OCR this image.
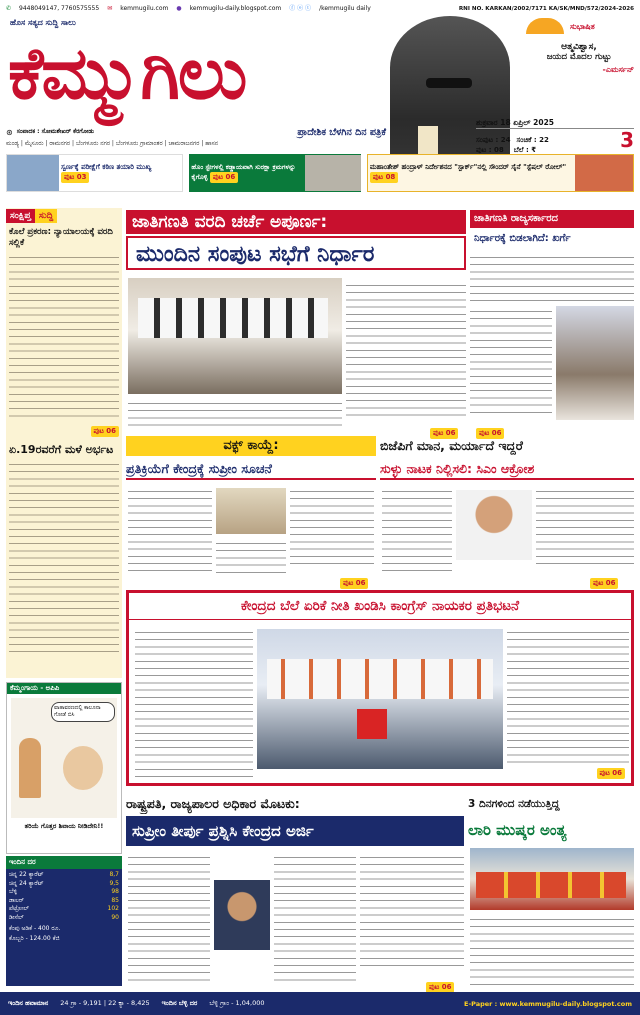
✆ 9448049147, 7760575555 ✉ kemmugilu.com ● kemmugilu-daily.blogspot.com ⓕ ⓞ ⓣ /kemmugilu daily	RNI NO. KARKAN/2002/7171 KA/SK/MND/572/2024-2026
ಹೊಸ ಸತ್ಯದ ಸುದ್ದಿ ಸಾಲು
ಕೆಮ್ಮುಗಿಲು
ಸುಭಾಷಿತ
ಆತ್ಮವಿಶ್ವಾಸ,
ಜಯದ ಮೊದಲ ಗುಟ್ಟು
-ಎಮರ್ಸನ್
⊛ ಸಂಪಾದಕ : ಸೋಮಶೇಖರ್ ಕೆರಗೋಡು	ಪ್ರಾದೇಶಿಕ ಬೆಳಗಿನ ದಿನ ಪತ್ರಿಕೆ
ಮಂಡ್ಯ | ಮೈಸೂರು | ರಾಮನಗರ | ಬೆಂಗಳೂರು ನಗರ | ಬೆಂಗಳೂರು ಗ್ರಾಮಾಂತರ | ಚಾಮರಾಜನಗರ | ಹಾಸನ
ಶುಕ್ರವಾರ 18 ಏಪ್ರಿಲ್ 2025
ಸಂಪುಟ : 24 ಸಂಚಿಕೆ : 22	3
ಪುಟ : 08 ಬೆಲೆ : ₹
ಸ್ವರ್ಣಕ್ಕೆ ಪರೀಕ್ಷೆಗೆ ಕಠಿಣ ತಯಾರಿ ಮುಖ್ಯ ಪುಟ 03
ಹೊಂ ಸ್ಟೇಗಳಲ್ಲಿ ಕಡ್ಡಾಯವಾಗಿ ಸುರಕ್ಷಾ ಕ್ರಮಗಳನ್ನು ಕೈಗೊಳ್ಳಿ ಪುಟ 06
ಮಹಾಂತೇಶ್ ಹಂದ್ರಾಳ್ ನಿರ್ದೇಶನದ "ಸ್ಪಾರ್ಕ್"ನಲ್ಲಿ ಸೌಂದರ್ ಸೈನೆ "ಸ್ಪೆಷಲ್ ರೋಲ್" ಪುಟ 08
ಸಂಕ್ಷಿಪ್ತ ಸುದ್ದಿ
ಕೊಲೆ ಪ್ರಕರಣ: ನ್ಯಾಯಾಲಯಕ್ಕೆ ವರದಿ ಸಲ್ಲಿಕೆ
ಪುಟ 06
ಏ.19ರವರೆಗೆ ಮಳೆ ಅರ್ಭಟ
ಕೆಮ್ಮಂಗಾಯ - ಅಪಿಪಿ
ವಾತಾವರಣದಲ್ಲಿ ಕಾಲೂನಾ ಗೋಡೆ ಬಿಸಿ
ತರಿಯೆ ಗೊತ್ತರ ಶಿವಾಯ ನೀಡಿದೇನಿ!!
ಇಂದಿನ ದರ
ಚಿನ್ನ 22 ಕ್ಯಾರೆಟ್	8,7
ಚಿನ್ನ 24 ಕ್ಯಾರೆಟ್	9,5
ಬೆಳ್ಳಿ	98
ಡಾಲರ್	85
ಪೆಟ್ರೋಲ್	102
ಡೀಸೆಲ್	90
ಕೆಂಪು ಅಡಿಕೆ - 400 ರೂ.
ಕೊಬ್ಬರಿ - 124.00 ಕೆಜಿ
ಜಾತಿಗಣತಿ ವರದಿ ಚರ್ಚೆ ಅಪೂರ್ಣ:
ಮುಂದಿನ ಸಂಪುಟ ಸಭೆಗೆ ನಿರ್ಧಾರ
ಪುಟ 06
ಜಾತಿಗಣತಿ ರಾಜ್ಯಸರ್ಕಾರದ
ನಿರ್ಧಾರಕ್ಕೆ ಬಿಡಲಾಗಿದೆ: ಖರ್ಗೆ
ಪುಟ 06
ವಕ್ಫ್ ಕಾಯ್ದೆ:
ಪ್ರತಿಕ್ರಿಯೆಗೆ ಕೇಂದ್ರಕ್ಕೆ ಸುಪ್ರೀಂ ಸೂಚನೆ
ಪುಟ 06
ಬಿಜೆಪಿಗೆ ಮಾನ, ಮರ್ಯಾದೆ ಇದ್ದರೆ
ಸುಳ್ಳು ನಾಟಕ ನಿಲ್ಲಿಸಲಿ: ಸಿಎಂ ಆಕ್ರೋಶ
ಪುಟ 06
ಕೇಂದ್ರದ ಬೆಲೆ ಏರಿಕೆ ನೀತಿ ಖಂಡಿಸಿ ಕಾಂಗ್ರೆಸ್ ನಾಯಕರ ಪ್ರತಿಭಟನೆ
ಪುಟ 06
ರಾಷ್ಟ್ರಪತಿ, ರಾಜ್ಯಪಾಲರ ಅಧಿಕಾರ ಮೊಟಕು:
ಸುಪ್ರೀಂ ತೀರ್ಪು ಪ್ರಶ್ನಿಸಿ ಕೇಂದ್ರದ ಅರ್ಜಿ
ಪುಟ 06
3 ದಿನಗಳಿಂದ ನಡೆಯುತ್ತಿದ್ದ
ಲಾರಿ ಮುಷ್ಕರ ಅಂತ್ಯ
ಇಂದಿನ ಹವಾಮಾನ 24 ಗ್ರಾ - 9,191 | 22 ಕ್ಯಾ - 8,425 ಇಂದಿನ ಬೆಳ್ಳಿ ದರ ಬೆಳ್ಳಿ ಗ್ರಾಂ - 1,04,000	E-Paper : www.kemmugilu-daily.blogspot.com
